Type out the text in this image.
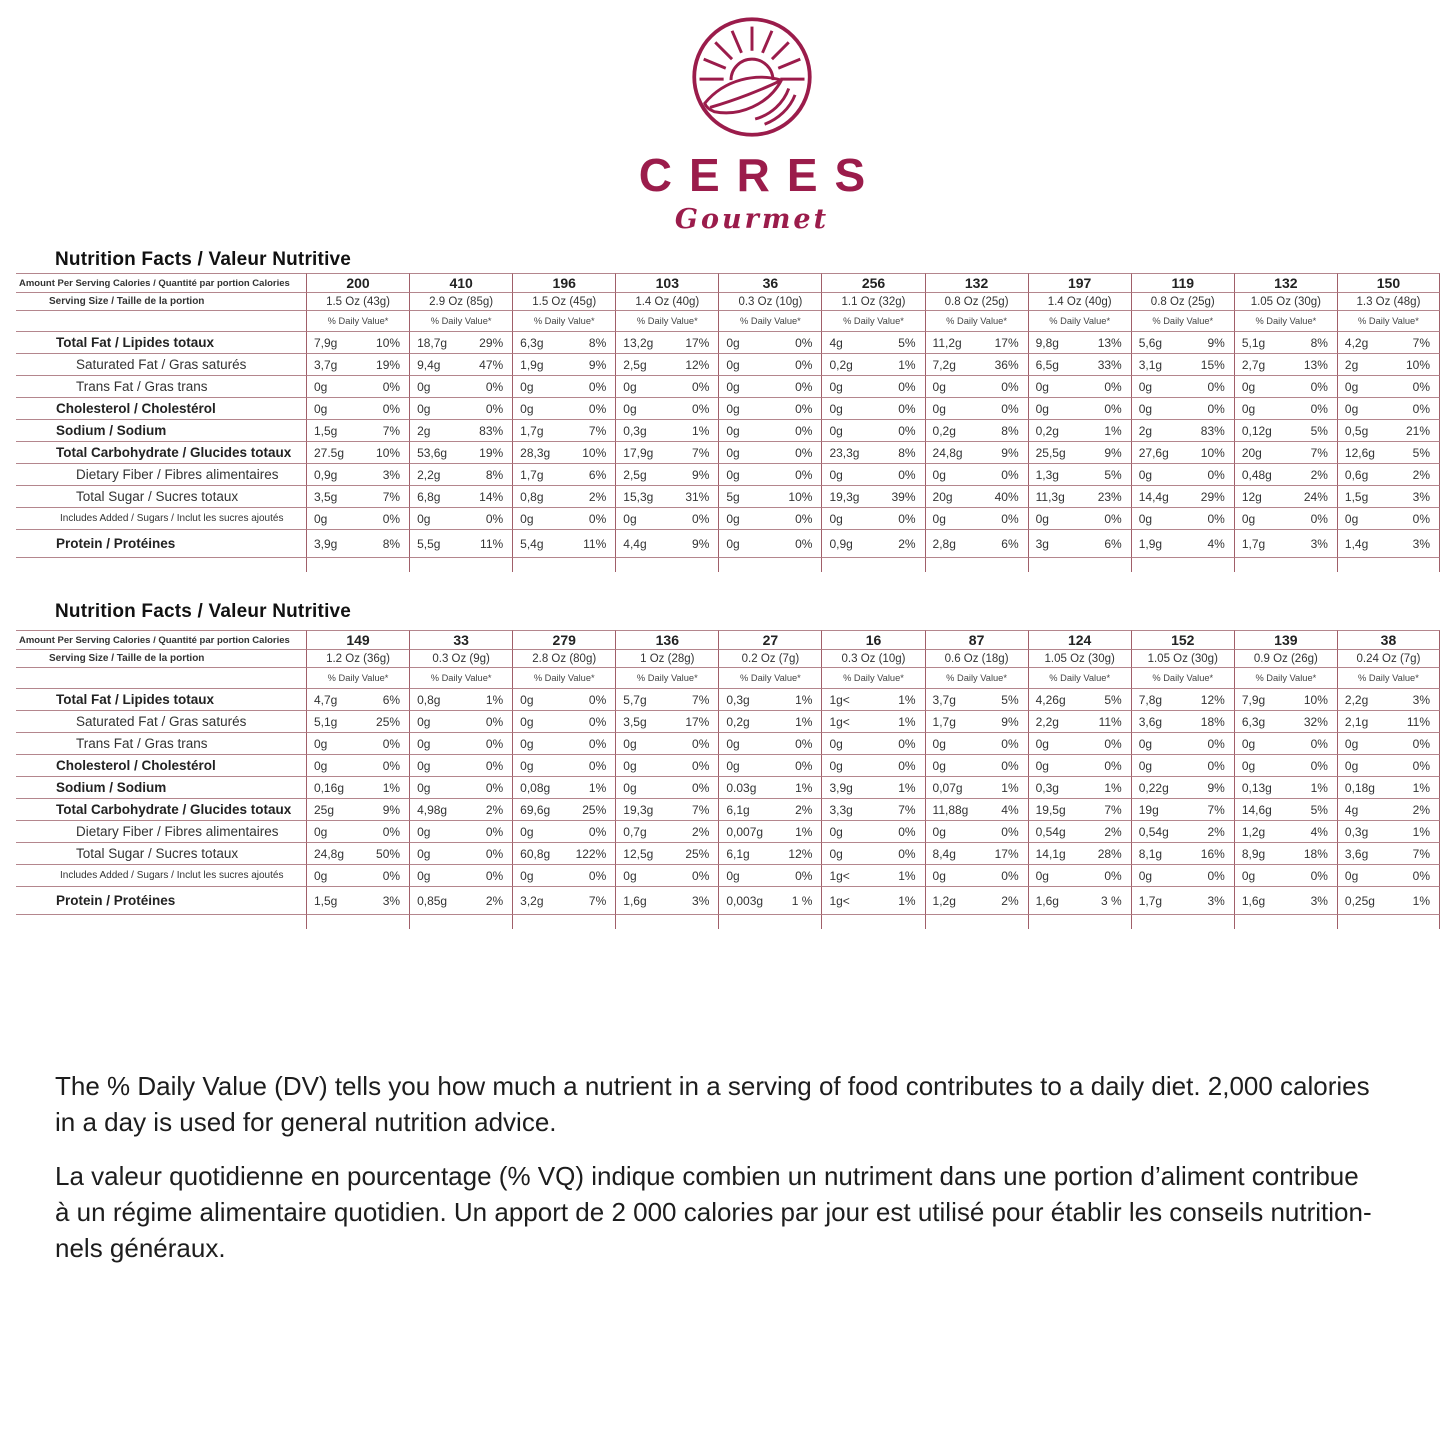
CERES
Gourmet
Nutrition Facts / Valeur Nutritive
Amount Per Serving Calories / Quantité par portion Calories	200	410	196	103	36	256	132	197	119	132	150
Serving Size / Taille de la portion	1.5 Oz (43g)	2.9 Oz (85g)	1.5 Oz (45g)	1.4 Oz (40g)	0.3 Oz (10g)	1.1 Oz (32g)	0.8 Oz (25g)	1.4 Oz (40g)	0.8 Oz (25g)	1.05 Oz (30g)	1.3 Oz (48g)
% Daily Value*	% Daily Value*	% Daily Value*	% Daily Value*	% Daily Value*	% Daily Value*	% Daily Value*	% Daily Value*	% Daily Value*	% Daily Value*	% Daily Value*
Total Fat / Lipides totaux	7,9g	10% 18,7g	29% 6,3g	8% 13,2g	17% 0g	0% 4g	5% 11,2g	17% 9,8g	13% 5,6g	9% 5,1g	8% 4,2g	7%
Saturated Fat / Gras saturés	3,7g	19% 9,4g	47% 1,9g	9% 2,5g	12% 0g	0% 0,2g	1% 7,2g	36% 6,5g	33% 3,1g	15% 2,7g	13% 2g	10%
Trans Fat / Gras trans	0g	0% 0g	0% 0g	0% 0g	0% 0g	0% 0g	0% 0g	0% 0g	0% 0g	0% 0g	0% 0g	0%
Cholesterol / Cholestérol	0g	0% 0g	0% 0g	0% 0g	0% 0g	0% 0g	0% 0g	0% 0g	0% 0g	0% 0g	0% 0g	0%
Sodium / Sodium	1,5g	7% 2g	83% 1,7g	7% 0,3g	1% 0g	0% 0g	0% 0,2g	8% 0,2g	1% 2g	83% 0,12g	5% 0,5g	21%
Total Carbohydrate / Glucides totaux	27.5g	10% 53,6g	19% 28,3g	10% 17,9g	7% 0g	0% 23,3g	8% 24,8g	9% 25,5g	9% 27,6g	10% 20g	7% 12,6g	5%
Dietary Fiber / Fibres alimentaires	0,9g	3% 2,2g	8% 1,7g	6% 2,5g	9% 0g	0% 0g	0% 0g	0% 1,3g	5% 0g	0% 0,48g	2% 0,6g	2%
Total Sugar / Sucres totaux	3,5g	7% 6,8g	14% 0,8g	2% 15,3g	31% 5g	10% 19,3g	39% 20g	40% 11,3g	23% 14,4g	29% 12g	24% 1,5g	3%
Includes Added / Sugars / Inclut les sucres ajoutés	0g	0% 0g	0% 0g	0% 0g	0% 0g	0% 0g	0% 0g	0% 0g	0% 0g	0% 0g	0% 0g	0%
Protein / Protéines	3,9g	8% 5,5g	11% 5,4g	11% 4,4g	9% 0g	0% 0,9g	2% 2,8g	6% 3g	6% 1,9g	4% 1,7g	3% 1,4g	3%
Nutrition Facts / Valeur Nutritive
Amount Per Serving Calories / Quantité par portion Calories	149	33	279	136	27	16	87	124	152	139	38
Serving Size / Taille de la portion	1.2 Oz (36g)	0.3 Oz (9g)	2.8 Oz (80g)	1 Oz (28g)	0.2 Oz (7g)	0.3 Oz (10g)	0.6 Oz (18g)	1.05 Oz (30g)	1.05 Oz (30g)	0.9 Oz (26g)	0.24 Oz (7g)
% Daily Value*	% Daily Value*	% Daily Value*	% Daily Value*	% Daily Value*	% Daily Value*	% Daily Value*	% Daily Value*	% Daily Value*	% Daily Value*	% Daily Value*
Total Fat / Lipides totaux	4,7g	6% 0,8g	1% 0g	0% 5,7g	7% 0,3g	1% 1g<	1% 3,7g	5% 4,26g	5% 7,8g	12% 7,9g	10% 2,2g	3%
Saturated Fat / Gras saturés	5,1g	25% 0g	0% 0g	0% 3,5g	17% 0,2g	1% 1g<	1% 1,7g	9% 2,2g	11% 3,6g	18% 6,3g	32% 2,1g	11%
Trans Fat / Gras trans	0g	0% 0g	0% 0g	0% 0g	0% 0g	0% 0g	0% 0g	0% 0g	0% 0g	0% 0g	0% 0g	0%
Cholesterol / Cholestérol	0g	0% 0g	0% 0g	0% 0g	0% 0g	0% 0g	0% 0g	0% 0g	0% 0g	0% 0g	0% 0g	0%
Sodium / Sodium	0,16g	1% 0g	0% 0,08g	1% 0g	0% 0.03g	1% 3,9g	1% 0,07g	1% 0,3g	1% 0,22g	9% 0,13g	1% 0,18g	1%
Total Carbohydrate / Glucides totaux	25g	9% 4,98g	2% 69,6g	25% 19,3g	7% 6,1g	2% 3,3g	7% 11,88g	4% 19,5g	7% 19g	7% 14,6g	5% 4g	2%
Dietary Fiber / Fibres alimentaires	0g	0% 0g	0% 0g	0% 0,7g	2% 0,007g	1% 0g	0% 0g	0% 0,54g	2% 0,54g	2% 1,2g	4% 0,3g	1%
Total Sugar / Sucres totaux	24,8g	50% 0g	0% 60,8g 122% 12,5g	25% 6,1g	12% 0g	0% 8,4g	17% 14,1g	28% 8,1g	16% 8,9g	18% 3,6g	7%
Includes Added / Sugars / Inclut les sucres ajoutés	0g	0% 0g	0% 0g	0% 0g	0% 0g	0% 1g<	1% 0g	0% 0g	0% 0g	0% 0g	0% 0g	0%
Protein / Protéines	1,5g	3% 0,85g	2% 3,2g	7% 1,6g	3% 0,003g 1 % 1g<	1% 1,2g	2% 1,6g	3 % 1,7g	3% 1,6g	3% 0,25g	1%
The % Daily Value (DV) tells you how much a nutrient in a serving of food contributes to a daily diet. 2,000 calories
in a day is used for general nutrition advice.
La valeur quotidienne en pourcentage (% VQ) indique combien un nutriment dans une portion d’aliment contribue
à un régime alimentaire quotidien. Un apport de 2 000 calories par jour est utilisé pour établir les conseils nutrition-
nels généraux.
